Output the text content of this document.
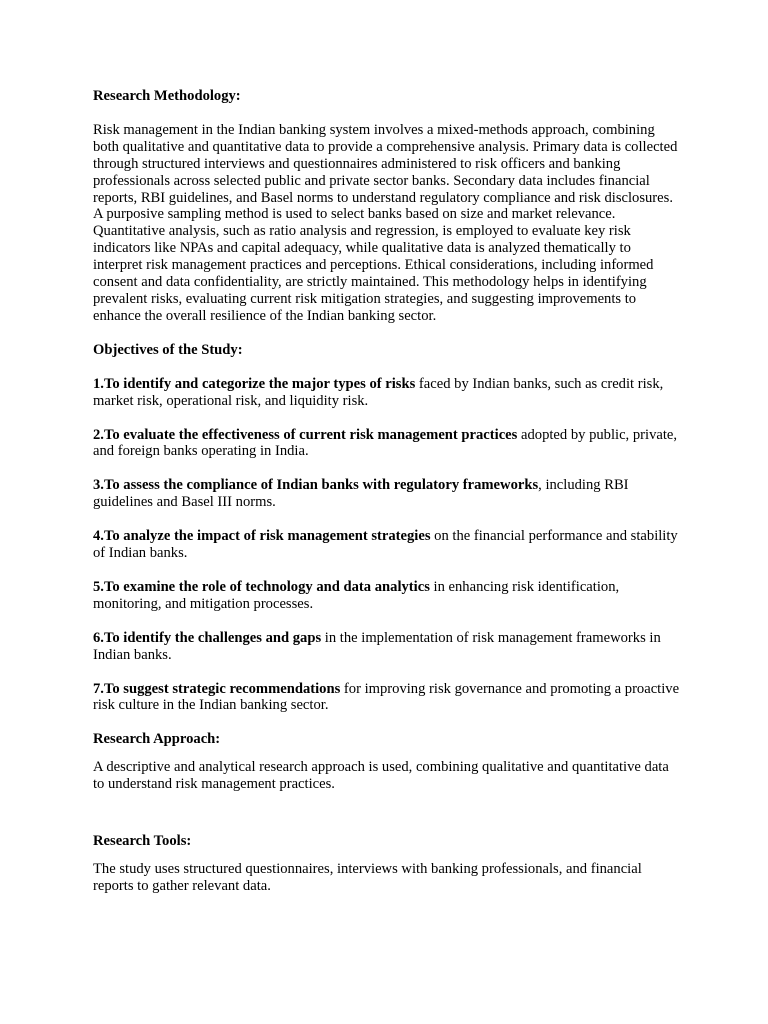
Research Methodology:

Risk management in the Indian banking system involves a mixed-methods approach, combining both qualitative and quantitative data to provide a comprehensive analysis. Primary data is collected through structured interviews and questionnaires administered to risk officers and banking professionals across selected public and private sector banks. Secondary data includes financial reports, RBI guidelines, and Basel norms to understand regulatory compliance and risk disclosures. A purposive sampling method is used to select banks based on size and market relevance. Quantitative analysis, such as ratio analysis and regression, is employed to evaluate key risk indicators like NPAs and capital adequacy, while qualitative data is analyzed thematically to interpret risk management practices and perceptions. Ethical considerations, including informed consent and data confidentiality, are strictly maintained. This methodology helps in identifying prevalent risks, evaluating current risk mitigation strategies, and suggesting improvements to enhance the overall resilience of the Indian banking sector.

Objectives of the Study:

1.To identify and categorize the major types of risks faced by Indian banks, such as credit risk, market risk, operational risk, and liquidity risk.

2.To evaluate the effectiveness of current risk management practices adopted by public, private, and foreign banks operating in India.

3.To assess the compliance of Indian banks with regulatory frameworks, including RBI guidelines and Basel III norms.

4.To analyze the impact of risk management strategies on the financial performance and stability of Indian banks.

5.To examine the role of technology and data analytics in enhancing risk identification, monitoring, and mitigation processes.

6.To identify the challenges and gaps in the implementation of risk management frameworks in Indian banks.

7.To suggest strategic recommendations for improving risk governance and promoting a proactive risk culture in the Indian banking sector.

Research Approach:

A descriptive and analytical research approach is used, combining qualitative and quantitative data to understand risk management practices.

Research Tools:

The study uses structured questionnaires, interviews with banking professionals, and financial reports to gather relevant data.
